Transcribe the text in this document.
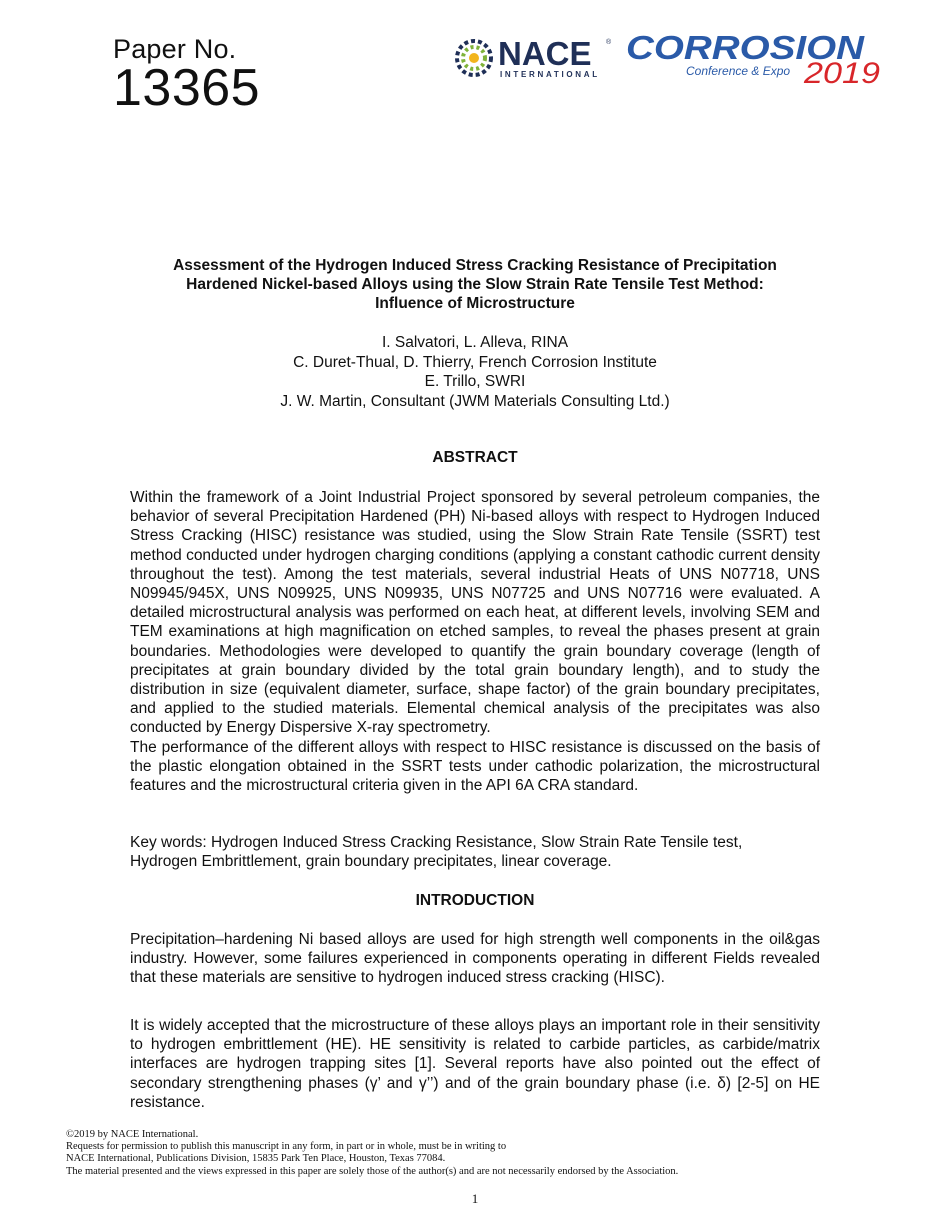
Paper No.
13365
NACE ®
INTERNATIONAL
CORROSION
Conference & Expo 2019
Assessment of the Hydrogen Induced Stress Cracking Resistance of Precipitation
Hardened Nickel-based Alloys using the Slow Strain Rate Tensile Test Method:
Influence of Microstructure
I. Salvatori, L. Alleva, RINA
C. Duret-Thual, D. Thierry, French Corrosion Institute
E. Trillo, SWRI
J. W. Martin, Consultant (JWM Materials Consulting Ltd.)
ABSTRACT

Within the framework of a Joint Industrial Project sponsored by several petroleum companies, the behavior of several Precipitation Hardened (PH) Ni-based alloys with respect to Hydrogen Induced Stress Cracking (HISC) resistance was studied, using the Slow Strain Rate Tensile (SSRT) test method conducted under hydrogen charging conditions (applying a constant cathodic current density throughout the test). Among the test materials, several industrial Heats of UNS N07718, UNS N09945/945X, UNS N09925, UNS N09935, UNS N07725 and UNS N07716 were evaluated. A detailed microstructural analysis was performed on each heat, at different levels, involving SEM and TEM examinations at high magnification on etched samples, to reveal the phases present at grain boundaries. Methodologies were developed to quantify the grain boundary coverage (length of precipitates at grain boundary divided by the total grain boundary length), and to study the distribution in size (equivalent diameter, surface, shape factor) of the grain boundary precipitates, and applied to the studied materials. Elemental chemical analysis of the precipitates was also conducted by Energy Dispersive X-ray spectrometry.

The performance of the different alloys with respect to HISC resistance is discussed on the basis of the plastic elongation obtained in the SSRT tests under cathodic polarization, the microstructural features and the microstructural criteria given in the API 6A CRA standard.

Key words: Hydrogen Induced Stress Cracking Resistance, Slow Strain Rate Tensile test,
Hydrogen Embrittlement, grain boundary precipitates, linear coverage.
INTRODUCTION

Precipitation–hardening Ni based alloys are used for high strength well components in the oil&gas industry. However, some failures experienced in components operating in different Fields revealed that these materials are sensitive to hydrogen induced stress cracking (HISC).

It is widely accepted that the microstructure of these alloys plays an important role in their sensitivity to hydrogen embrittlement (HE). HE sensitivity is related to carbide particles, as carbide/matrix interfaces are hydrogen trapping sites [1]. Several reports have also pointed out the effect of secondary strengthening phases (γ’ and γ’’) and of the grain boundary phase (i.e. δ) [2-5] on HE resistance.

©2019 by NACE International.
Requests for permission to publish this manuscript in any form, in part or in whole, must be in writing to
NACE International, Publications Division, 15835 Park Ten Place, Houston, Texas 77084.
The material presented and the views expressed in this paper are solely those of the author(s) and are not necessarily endorsed by the Association.
1
